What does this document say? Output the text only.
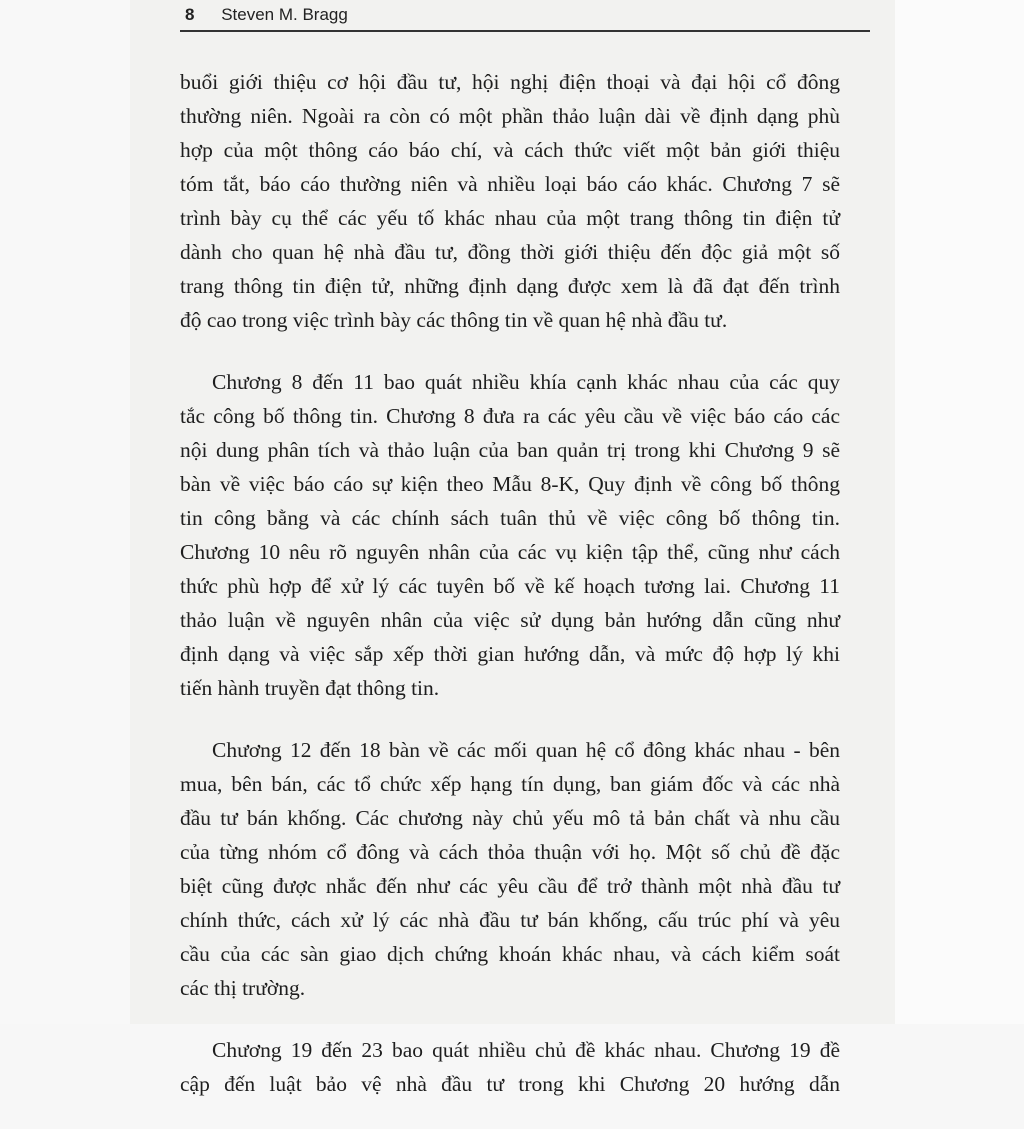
8 Steven M. Bragg
buổi giới thiệu cơ hội đầu tư, hội nghị điện thoại và đại hội cổ đông
thường niên. Ngoài ra còn có một phần thảo luận dài về định dạng phù
hợp của một thông cáo báo chí, và cách thức viết một bản giới thiệu
tóm tắt, báo cáo thường niên và nhiều loại báo cáo khác. Chương 7 sẽ
trình bày cụ thể các yếu tố khác nhau của một trang thông tin điện tử
dành cho quan hệ nhà đầu tư, đồng thời giới thiệu đến độc giả một số
trang thông tin điện tử, những định dạng được xem là đã đạt đến trình
độ cao trong việc trình bày các thông tin về quan hệ nhà đầu tư.
Chương 8 đến 11 bao quát nhiều khía cạnh khác nhau của các quy
tắc công bố thông tin. Chương 8 đưa ra các yêu cầu về việc báo cáo các
nội dung phân tích và thảo luận của ban quản trị trong khi Chương 9 sẽ
bàn về việc báo cáo sự kiện theo Mẫu 8-K, Quy định về công bố thông
tin công bằng và các chính sách tuân thủ về việc công bố thông tin.
Chương 10 nêu rõ nguyên nhân của các vụ kiện tập thể, cũng như cách
thức phù hợp để xử lý các tuyên bố về kế hoạch tương lai. Chương 11
thảo luận về nguyên nhân của việc sử dụng bản hướng dẫn cũng như
định dạng và việc sắp xếp thời gian hướng dẫn, và mức độ hợp lý khi
tiến hành truyền đạt thông tin.
Chương 12 đến 18 bàn về các mối quan hệ cổ đông khác nhau - bên
mua, bên bán, các tổ chức xếp hạng tín dụng, ban giám đốc và các nhà
đầu tư bán khống. Các chương này chủ yếu mô tả bản chất và nhu cầu
của từng nhóm cổ đông và cách thỏa thuận với họ. Một số chủ đề đặc
biệt cũng được nhắc đến như các yêu cầu để trở thành một nhà đầu tư
chính thức, cách xử lý các nhà đầu tư bán khống, cấu trúc phí và yêu
cầu của các sàn giao dịch chứng khoán khác nhau, và cách kiểm soát
các thị trường.
Chương 19 đến 23 bao quát nhiều chủ đề khác nhau. Chương 19 đề
cập đến luật bảo vệ nhà đầu tư trong khi Chương 20 hướng dẫn
